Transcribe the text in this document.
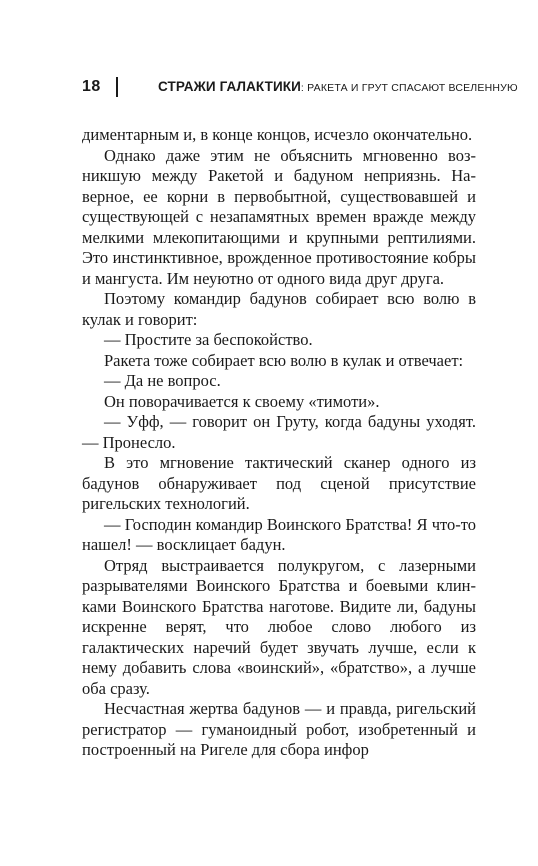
18	СТРАЖИ ГАЛАКТИКИ: РАКЕТА И ГРУТ СПАСАЮТ ВСЕЛЕННУЮ

диментарным и, в конце концов, исчезло окончательно.

Однако даже этим не объяснить мгновенно возникшую между Ракетой и бадуном неприязнь. Наверное, ее корни в первобытной, существовавшей и существующей с незапамятных времен вражде между мелкими млекопитающими и крупными рептилиями. Это инстинктивное, врожденное противостояние кобры и мангуста. Им неуютно от одного вида друг друга.

Поэтому командир бадунов собирает всю волю в кулак и говорит:

— Простите за беспокойство.

Ракета тоже собирает всю волю в кулак и отвечает:

— Да не вопрос.

Он поворачивается к своему «тимоти».

— Уфф, — говорит он Груту, когда бадуны уходят. — Пронесло.

В это мгновение тактический сканер одного из бадунов обнаруживает под сценой присутствие ригельских технологий.

— Господин командир Воинского Братства! Я что-то нашел! — восклицает бадун.

Отряд выстраивается полукругом, с лазерными разрывателями Воинского Братства и боевыми клинками Воинского Братства наготове. Видите ли, бадуны искренне верят, что любое слово любого из галактических наречий будет звучать лучше, если к нему добавить слова «воинский», «братство», а лучше оба сразу.

Несчастная жертва бадунов — и правда, ригельский регистратор — гуманоидный робот, изобретенный и построенный на Ригеле для сбора инфор
